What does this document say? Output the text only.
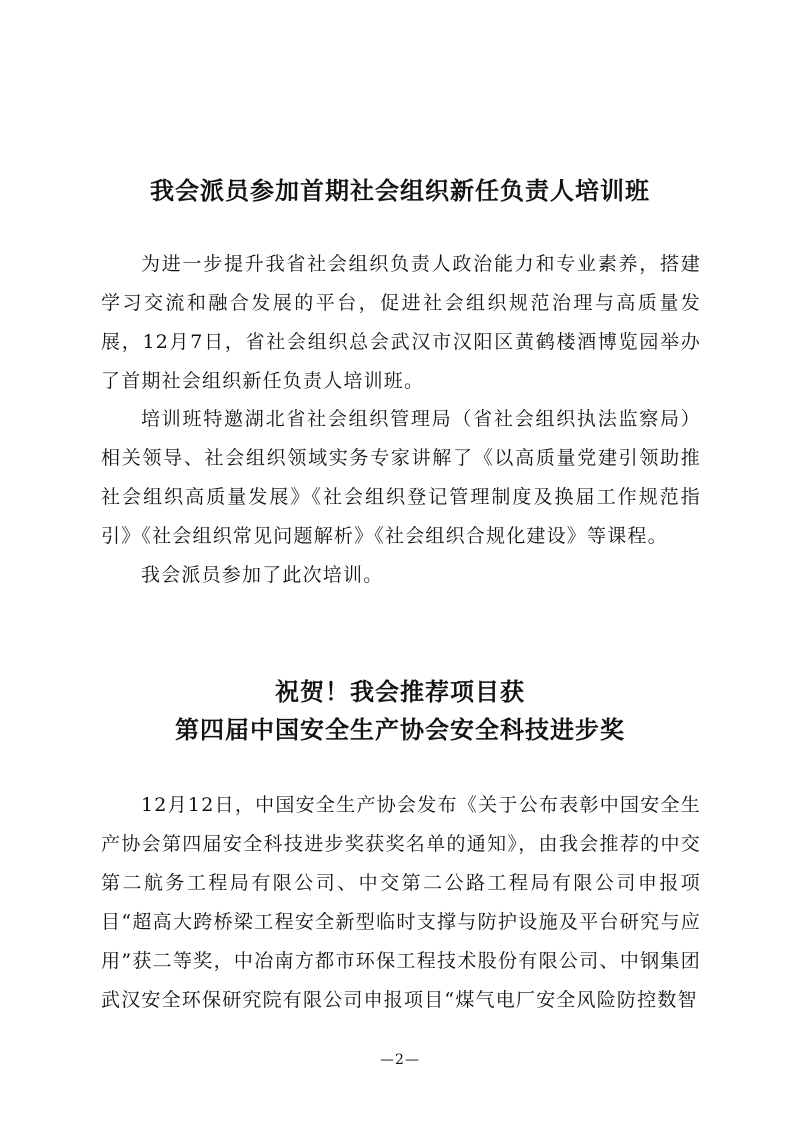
我会派员参加首期社会组织新任负责人培训班
为进一步提升我省社会组织负责人政治能力和专业素养，搭建学习交流和融合发展的平台，促进社会组织规范治理与高质量发展，12月7日，省社会组织总会武汉市汉阳区黄鹤楼酒博览园举办了首期社会组织新任负责人培训班。
培训班特邀湖北省社会组织管理局（省社会组织执法监察局）相关领导、社会组织领域实务专家讲解了《以高质量党建引领助推社会组织高质量发展》《社会组织登记管理制度及换届工作规范指引》《社会组织常见问题解析》《社会组织合规化建设》等课程。
我会派员参加了此次培训。
祝贺！我会推荐项目获
第四届中国安全生产协会安全科技进步奖
12月12日，中国安全生产协会发布《关于公布表彰中国安全生产协会第四届安全科技进步奖获奖名单的通知》，由我会推荐的中交第二航务工程局有限公司、中交第二公路工程局有限公司申报项目“超高大跨桥梁工程安全新型临时支撑与防护设施及平台研究与应用”获二等奖，中冶南方都市环保工程技术股份有限公司、中钢集团武汉安全环保研究院有限公司申报项目“煤气电厂安全风险防控数智
—2—
